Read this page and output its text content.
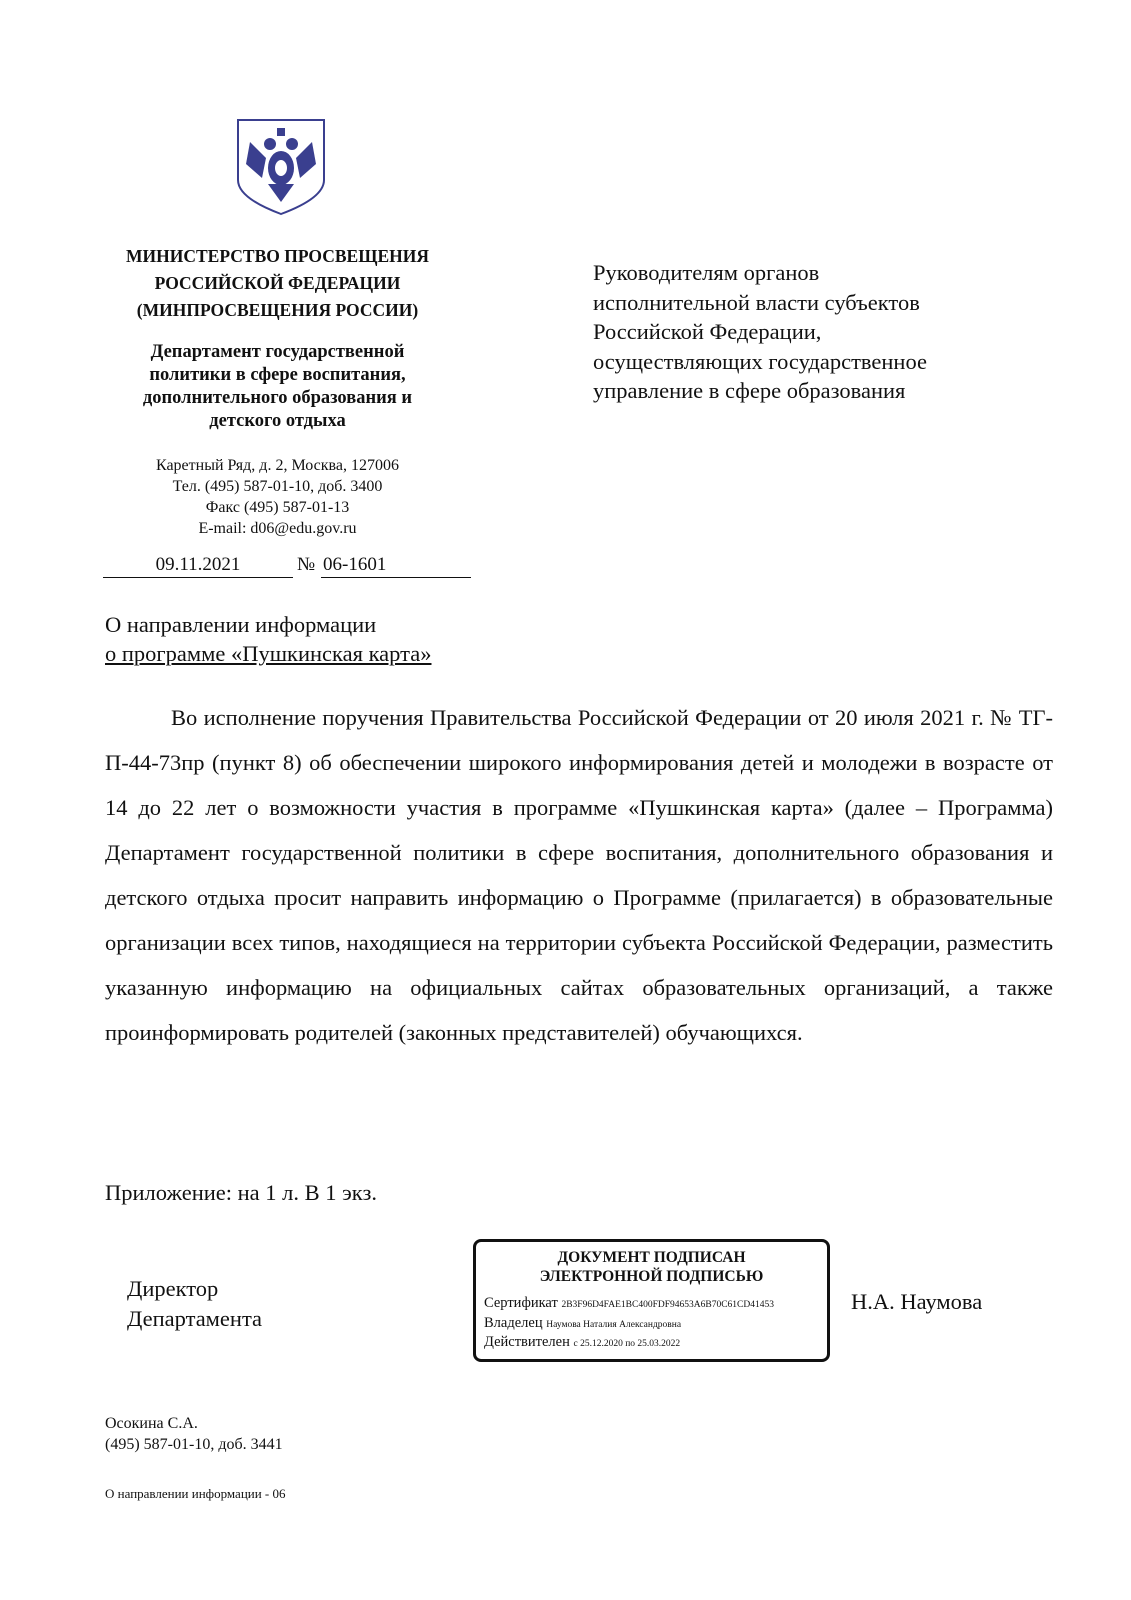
МИНИСТЕРСТВО ПРОСВЕЩЕНИЯ
РОССИЙСКОЙ ФЕДЕРАЦИИ
(МИНПРОСВЕЩЕНИЯ РОССИИ)
Департамент государственной
политики в сфере воспитания,
дополнительного образования и
детского отдыха
Каретный Ряд, д. 2, Москва, 127006
Тел. (495) 587-01-10, доб. 3400
Факс (495) 587-01-13
E-mail: d06@edu.gov.ru
09.11.2021	№ 06-1601
Руководителям органов
исполнительной власти субъектов
Российской Федерации,
осуществляющих государственное
управление в сфере образования
О направлении информации
о программе «Пушкинская карта»
Во исполнение поручения Правительства Российской Федерации от 20 июля 2021 г. № ТГ-П-44-73пр (пункт 8) об обеспечении широкого информирования детей и молодежи в возрасте от 14 до 22 лет о возможности участия в программе «Пушкинская карта» (далее – Программа) Департамент государственной политики в сфере воспитания, дополнительного образования и детского отдыха просит направить информацию о Программе (прилагается) в образовательные организации всех типов, находящиеся на территории субъекта Российской Федерации, разместить указанную информацию на официальных сайтах образовательных организаций, а также проинформировать родителей (законных представителей) обучающихся.
Приложение: на 1 л. В 1 экз.
Директор
Департамента
ДОКУМЕНТ ПОДПИСАН
ЭЛЕКТРОННОЙ ПОДПИСЬЮ
Сертификат 2B3F96D4FAE1BC400FDF94653A6B70C61CD41453
Владелец Наумова Наталия Александровна
Действителен с 25.12.2020 по 25.03.2022
Н.А. Наумова
Осокина С.А.
(495) 587-01-10, доб. 3441
О направлении информации - 06
